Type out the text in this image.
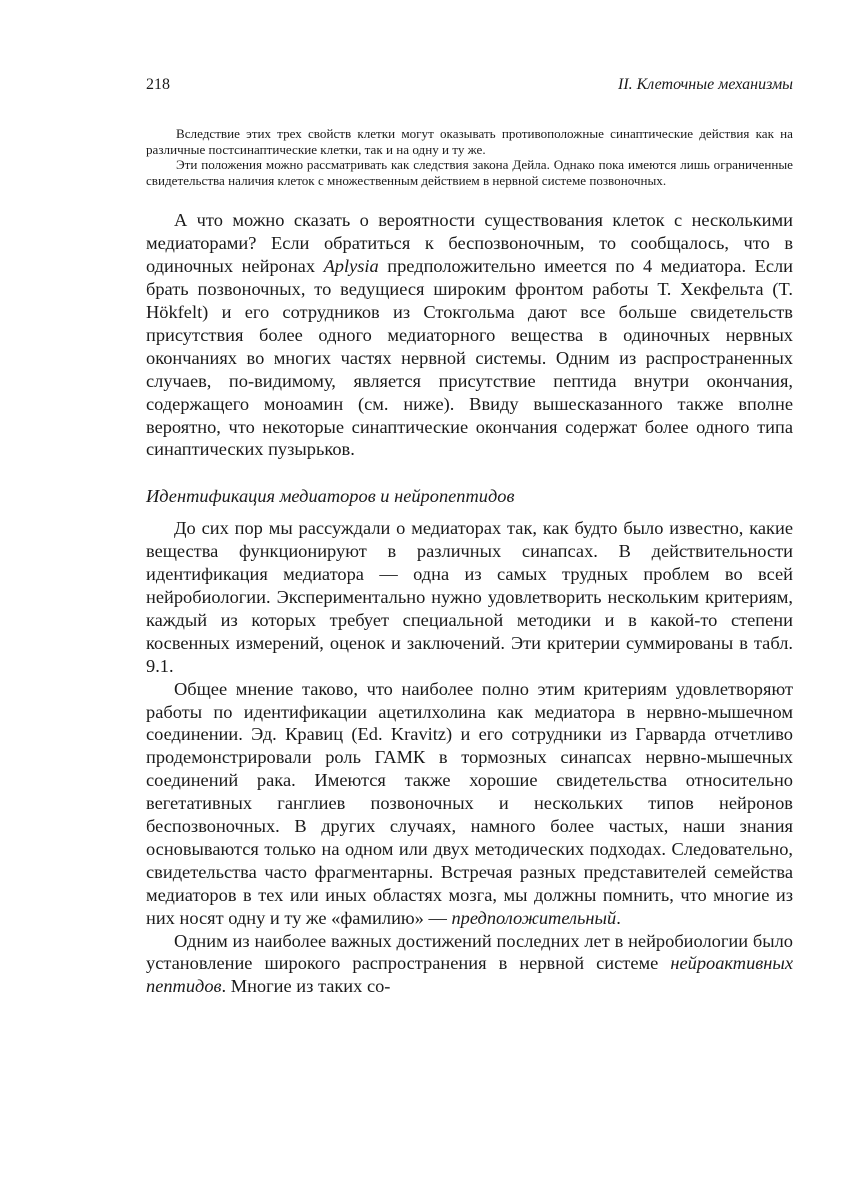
218	II. Клеточные механизмы

Вследствие этих трех свойств клетки могут оказывать противоположные синаптические действия как на различные постсинаптические клетки, так и на одну и ту же.

Эти положения можно рассматривать как следствия закона Дейла. Однако пока имеются лишь ограниченные свидетельства наличия клеток с множественным действием в нервной системе позвоночных.

А что можно сказать о вероятности существования клеток с несколькими медиаторами? Если обратиться к беспозвоночным, то сообщалось, что в одиночных нейронах Aplysia предположительно имеется по 4 медиатора. Если брать позвоночных, то ведущиеся широким фронтом работы Т. Хекфельта (T. Hökfelt) и его сотрудников из Стокгольма дают все больше свидетельств присутствия более одного медиаторного вещества в одиночных нервных окончаниях во многих частях нервной системы. Одним из распространенных случаев, по-видимому, является присутствие пептида внутри окончания, содержащего моноамин (см. ниже). Ввиду вышесказанного также вполне вероятно, что некоторые синаптические окончания содержат более одного типа синаптических пузырьков.

Идентификация медиаторов и нейропептидов

До сих пор мы рассуждали о медиаторах так, как будто было известно, какие вещества функционируют в различных синапсах. В действительности идентификация медиатора — одна из самых трудных проблем во всей нейробиологии. Экспериментально нужно удовлетворить нескольким критериям, каждый из которых требует специальной методики и в какой-то степени косвенных измерений, оценок и заключений. Эти критерии суммированы в табл. 9.1.

Общее мнение таково, что наиболее полно этим критериям удовлетворяют работы по идентификации ацетилхолина как медиатора в нервно-мышечном соединении. Эд. Кравиц (Ed. Kravitz) и его сотрудники из Гарварда отчетливо продемонстрировали роль ГАМК в тормозных синапсах нервно-мышечных соединений рака. Имеются также хорошие свидетельства относительно вегетативных ганглиев позвоночных и нескольких типов нейронов беспозвоночных. В других случаях, намного более частых, наши знания основываются только на одном или двух методических подходах. Следовательно, свидетельства часто фрагментарны. Встречая разных представителей семейства медиаторов в тех или иных областях мозга, мы должны помнить, что многие из них носят одну и ту же «фамилию» — предположительный.

Одним из наиболее важных достижений последних лет в нейробиологии было установление широкого распространения в нервной системе нейроактивных пептидов. Многие из таких со-
